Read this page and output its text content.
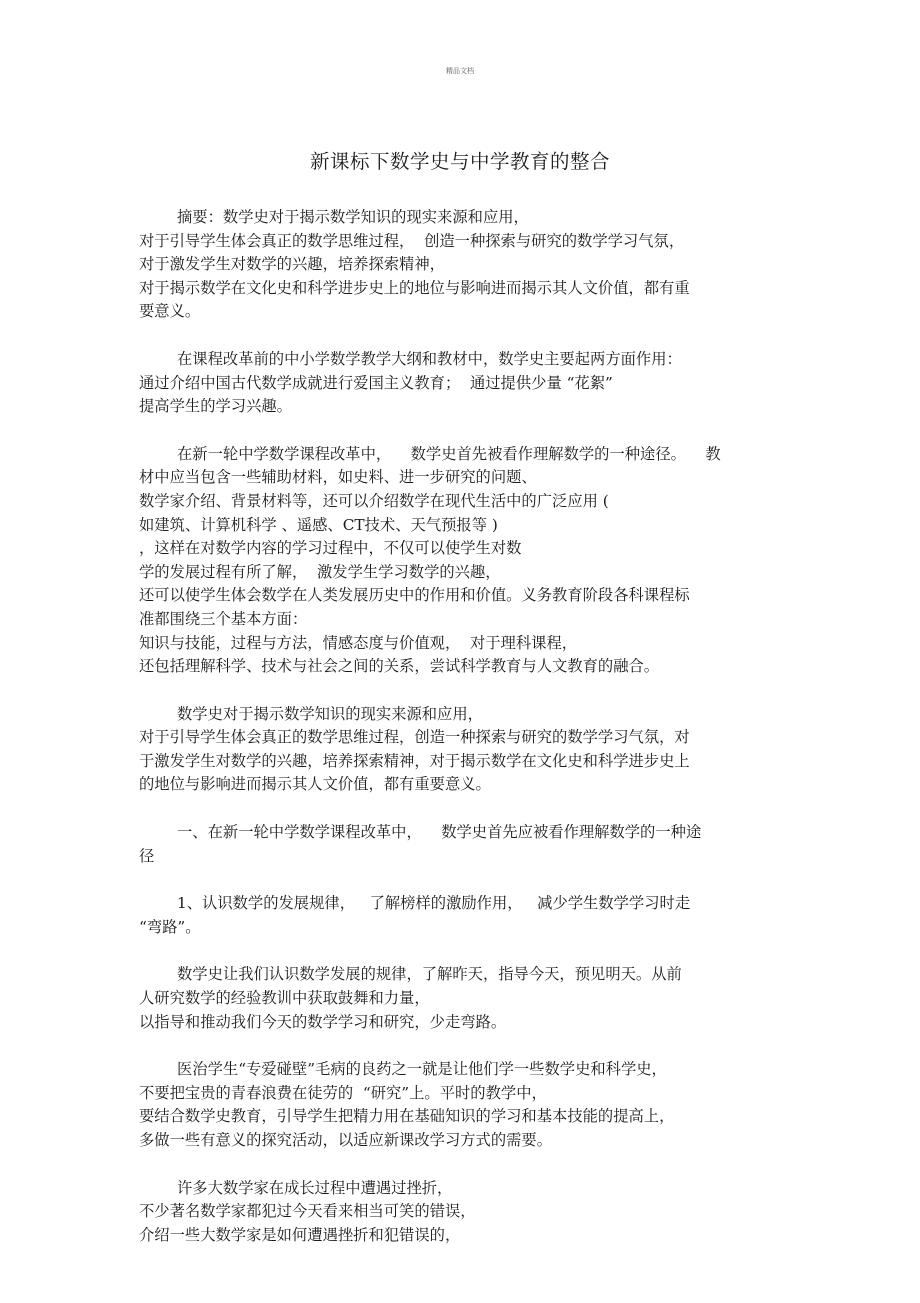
精品文档
新课标下数学史与中学教育的整合
摘要：数学史对于揭示数学知识的现实来源和应用，
对于引导学生体会真正的数学思维过程，  创造一种探索与研究的数学学习气氛，
对于激发学生对数学的兴趣，培养探索精神，
对于揭示数学在文化史和科学进步史上的地位与影响进而揭示其人文价值，都有重
要意义。
在课程改革前的中小学数学教学大纲和教材中，数学史主要起两方面作用：
通过介绍中国古代数学成就进行爱国主义教育；  通过提供少量 “花絮”
提高学生的学习兴趣。
在新一轮中学数学课程改革中，    数学史首先被看作理解数学的一种途径。    教
材中应当包含一些辅助材料，如史料、进一步研究的问题、
数学家介绍、背景材料等，还可以介绍数学在现代生活中的广泛应用 (
如建筑、计算机科学 、遥感、CT技术、天气预报等 )
，这样在对数学内容的学习过程中，不仅可以使学生对数
学的发展过程有所了解，  激发学生学习数学的兴趣，
还可以使学生体会数学在人类发展历史中的作用和价值。义务教育阶段各科课程标
准都围绕三个基本方面：
知识与技能，过程与方法，情感态度与价值观，  对于理科课程，
还包括理解科学、技术与社会之间的关系，尝试科学教育与人文教育的融合。
数学史对于揭示数学知识的现实来源和应用，
对于引导学生体会真正的数学思维过程，创造一种探索与研究的数学学习气氛，对
于激发学生对数学的兴趣，培养探索精神，对于揭示数学在文化史和科学进步史上
的地位与影响进而揭示其人文价值，都有重要意义。
一、在新一轮中学数学课程改革中，    数学史首先应被看作理解数学的一种途
径
1、认识数学的发展规律，   了解榜样的激励作用，   减少学生数学学习时走
“弯路”。
数学史让我们认识数学发展的规律，了解昨天，指导今天，预见明天。从前
人研究数学的经验教训中获取鼓舞和力量，
以指导和推动我们今天的数学学习和研究，少走弯路。
医治学生“专爱碰壁”毛病的良药之一就是让他们学一些数学史和科学史，
不要把宝贵的青春浪费在徒劳的  “研究”上。平时的教学中，
要结合数学史教育，引导学生把精力用在基础知识的学习和基本技能的提高上，
多做一些有意义的探究活动，以适应新课改学习方式的需要。
许多大数学家在成长过程中遭遇过挫折，
不少著名数学家都犯过今天看来相当可笑的错误，
介绍一些大数学家是如何遭遇挫折和犯错误的，
